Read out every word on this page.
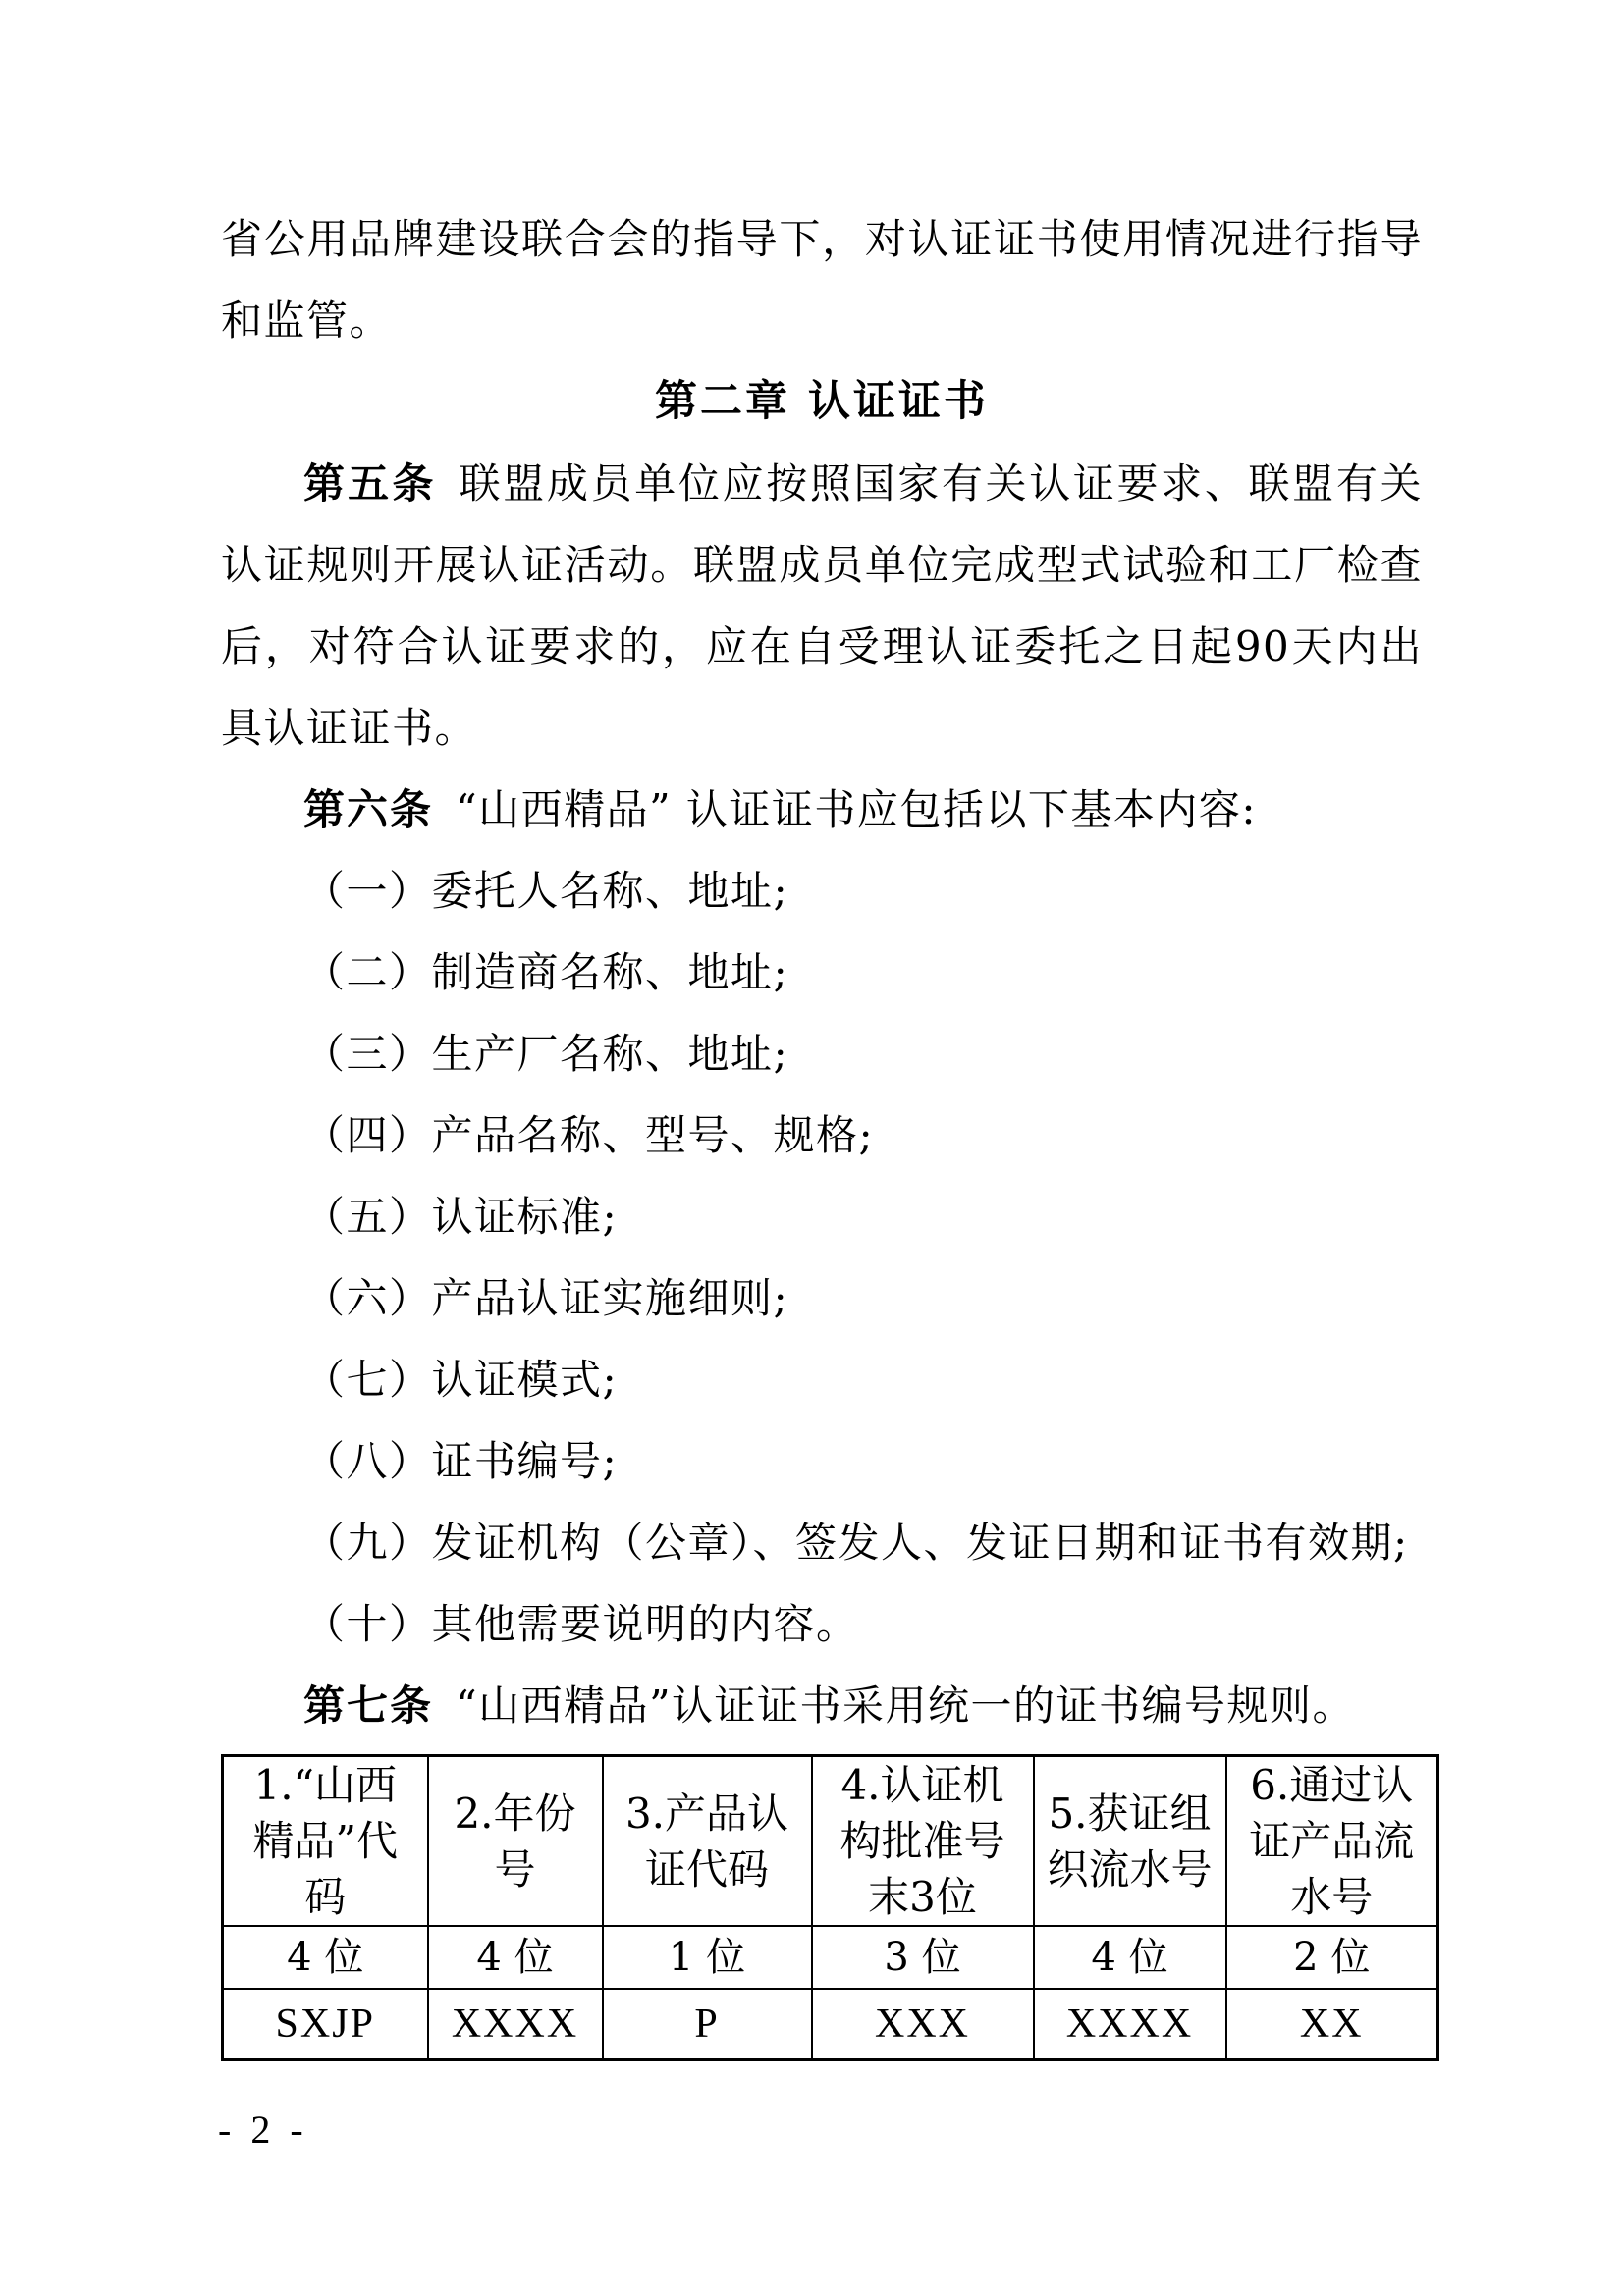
省公用品牌建设联合会的指导下，对认证证书使用情况进行指导和监管。

第二章 认证证书

第五条 联盟成员单位应按照国家有关认证要求、联盟有关认证规则开展认证活动。联盟成员单位完成型式试验和工厂检查后，对符合认证要求的，应在自受理认证委托之日起90天内出具认证证书。

第六条 “山西精品” 认证证书应包括以下基本内容:

（一）委托人名称、地址;

（二）制造商名称、地址;

（三）生产厂名称、地址;

（四）产品名称、型号、规格;

（五）认证标准;

（六）产品认证实施细则;

（七）认证模式;

（八）证书编号;

（九）发证机构（公章）、签发人、发证日期和证书有效期;

（十）其他需要说明的内容。

第七条 “山西精品”认证证书采用统一的证书编号规则。

1.“山西精品”代码	2.年份号	3.产品认证代码	4.认证机构批准号末3位	5.获证组织流水号	6.通过认证产品流水号
4 位	4 位	1 位	3 位	4 位	2 位
SXJP	XXXX	P	XXX	XXXX	XX
- 2 -
